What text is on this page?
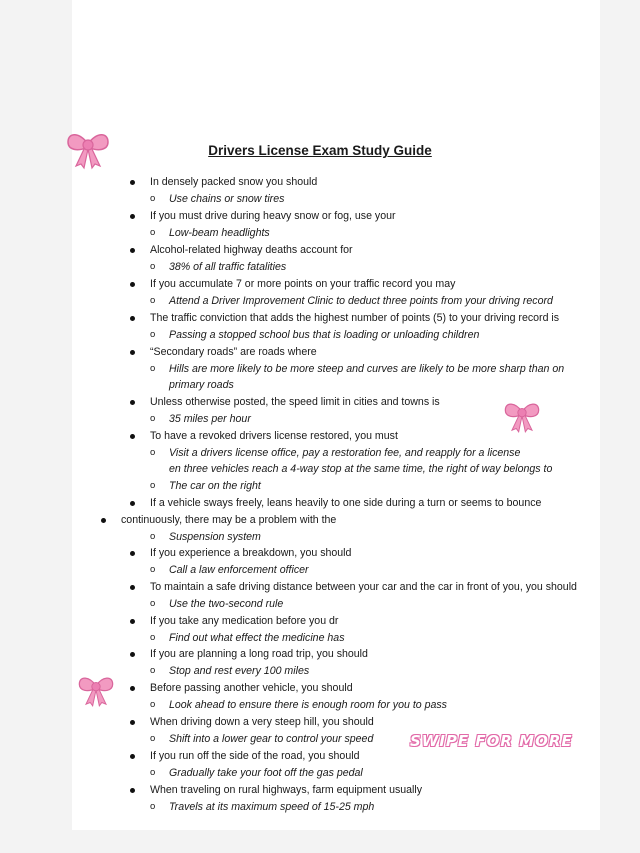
Drivers License Exam Study Guide
In densely packed snow you should
o Use chains or snow tires
If you must drive during heavy snow or fog, use your
o Low-beam headlights
Alcohol-related highway deaths account for
o 38% of all traffic fatalities
If you accumulate 7 or more points on your traffic record you may
o Attend a Driver Improvement Clinic to deduct three points from your driving record
The traffic conviction that adds the highest number of points (5) to your driving record is
o Passing a stopped school bus that is loading or unloading children
“Secondary roads” are roads where
o Hills are more likely to be more steep and curves are likely to be more sharp than on
primary roads
Unless otherwise posted, the speed limit in cities and towns is
o 35 miles per hour
To have a revoked drivers license restored, you must
o Visit a drivers license office, pay a restoration fee, and reapply for a license
en three vehicles reach a 4-way stop at the same time, the right of way belongs to
o The car on the right
If a vehicle sways freely, leans heavily to one side during a turn or seems to bounce
continuously, there may be a problem with the
o Suspension system
If you experience a breakdown, you should
o Call a law enforcement officer
To maintain a safe driving distance between your car and the car in front of you, you should
o Use the two-second rule
If you take any medication before you dr
o Find out what effect the medicine has
If you are planning a long road trip, you should
o Stop and rest every 100 miles
Before passing another vehicle, you should
o Look ahead to ensure there is enough room for you to pass
When driving down a very steep hill, you should
o Shift into a lower gear to control your speed
If you run off the side of the road, you should
o Gradually take your foot off the gas pedal
When traveling on rural highways, farm equipment usually
o Travels at its maximum speed of 15-25 mph
SWIPE FOR MORE
